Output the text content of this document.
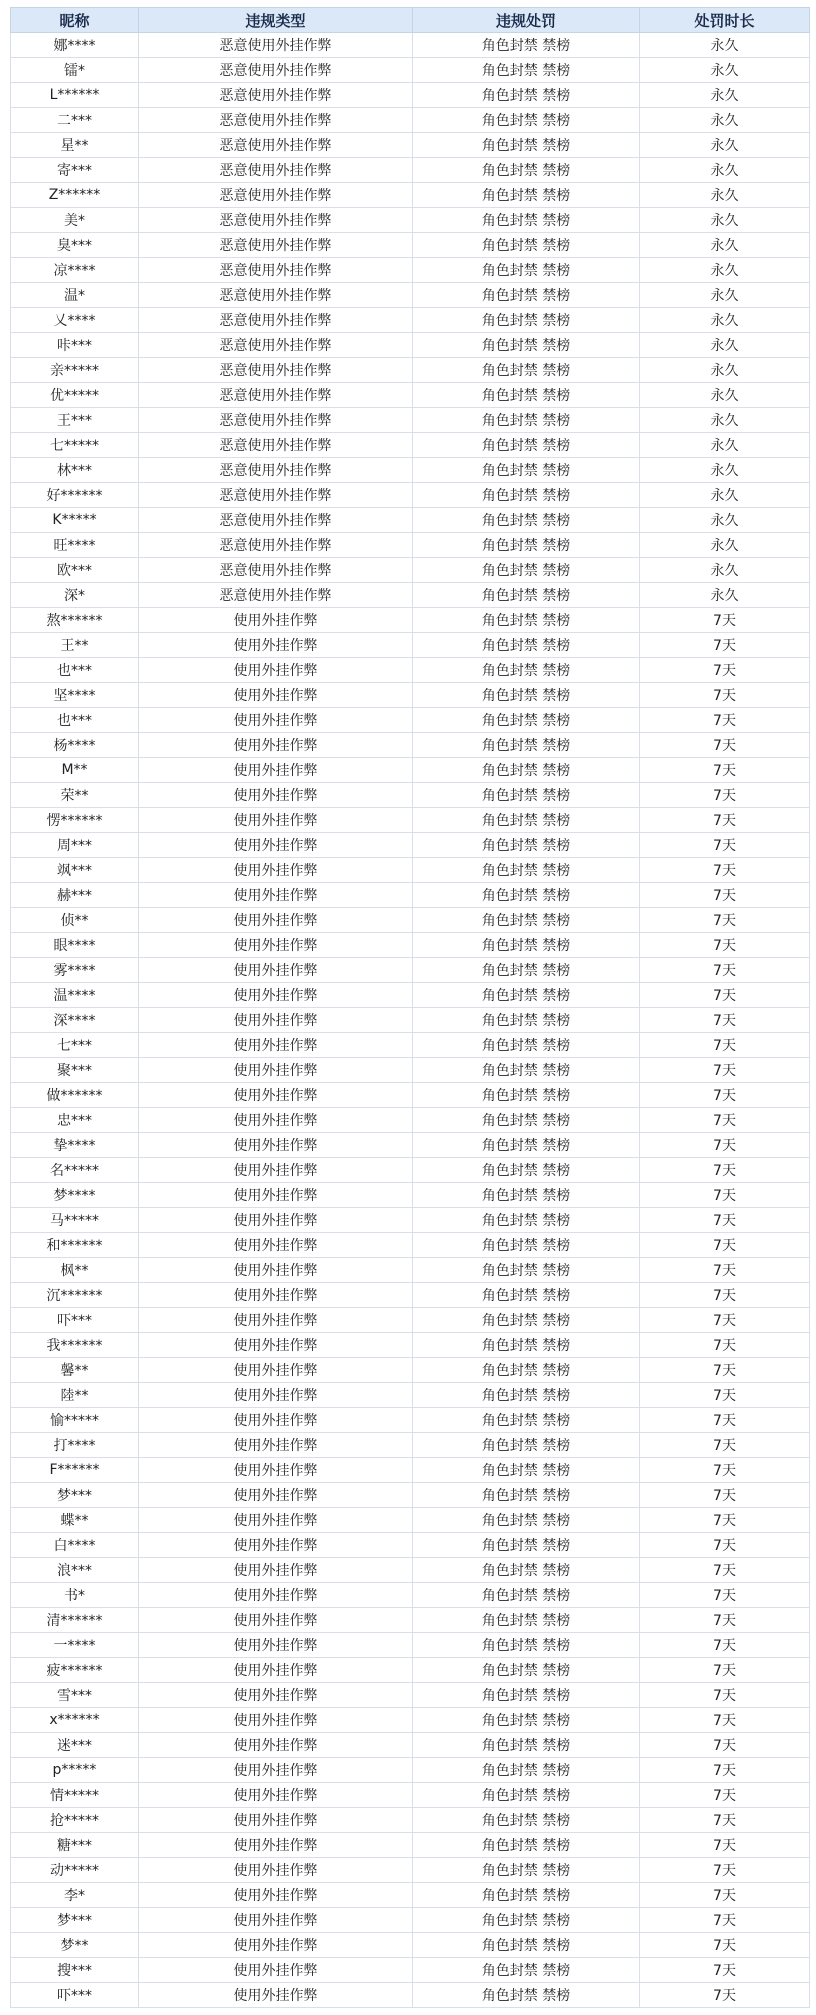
昵称	违规类型	违规处罚	处罚时长
娜****	恶意使用外挂作弊	角色封禁 禁榜	永久
镭*	恶意使用外挂作弊	角色封禁 禁榜	永久
L******	恶意使用外挂作弊	角色封禁 禁榜	永久
二***	恶意使用外挂作弊	角色封禁 禁榜	永久
星**	恶意使用外挂作弊	角色封禁 禁榜	永久
寄***	恶意使用外挂作弊	角色封禁 禁榜	永久
Z******	恶意使用外挂作弊	角色封禁 禁榜	永久
美*	恶意使用外挂作弊	角色封禁 禁榜	永久
臭***	恶意使用外挂作弊	角色封禁 禁榜	永久
凉****	恶意使用外挂作弊	角色封禁 禁榜	永久
温*	恶意使用外挂作弊	角色封禁 禁榜	永久
乂****	恶意使用外挂作弊	角色封禁 禁榜	永久
咔***	恶意使用外挂作弊	角色封禁 禁榜	永久
亲*****	恶意使用外挂作弊	角色封禁 禁榜	永久
优*****	恶意使用外挂作弊	角色封禁 禁榜	永久
王***	恶意使用外挂作弊	角色封禁 禁榜	永久
七*****	恶意使用外挂作弊	角色封禁 禁榜	永久
林***	恶意使用外挂作弊	角色封禁 禁榜	永久
好******	恶意使用外挂作弊	角色封禁 禁榜	永久
K*****	恶意使用外挂作弊	角色封禁 禁榜	永久
旺****	恶意使用外挂作弊	角色封禁 禁榜	永久
欧***	恶意使用外挂作弊	角色封禁 禁榜	永久
深*	恶意使用外挂作弊	角色封禁 禁榜	永久
熬******	使用外挂作弊	角色封禁 禁榜	7天
王**	使用外挂作弊	角色封禁 禁榜	7天
也***	使用外挂作弊	角色封禁 禁榜	7天
坚****	使用外挂作弊	角色封禁 禁榜	7天
也***	使用外挂作弊	角色封禁 禁榜	7天
杨****	使用外挂作弊	角色封禁 禁榜	7天
M**	使用外挂作弊	角色封禁 禁榜	7天
荣**	使用外挂作弊	角色封禁 禁榜	7天
愣******	使用外挂作弊	角色封禁 禁榜	7天
周***	使用外挂作弊	角色封禁 禁榜	7天
飒***	使用外挂作弊	角色封禁 禁榜	7天
赫***	使用外挂作弊	角色封禁 禁榜	7天
侦**	使用外挂作弊	角色封禁 禁榜	7天
眼****	使用外挂作弊	角色封禁 禁榜	7天
雾****	使用外挂作弊	角色封禁 禁榜	7天
温****	使用外挂作弊	角色封禁 禁榜	7天
深****	使用外挂作弊	角色封禁 禁榜	7天
七***	使用外挂作弊	角色封禁 禁榜	7天
聚***	使用外挂作弊	角色封禁 禁榜	7天
做******	使用外挂作弊	角色封禁 禁榜	7天
忠***	使用外挂作弊	角色封禁 禁榜	7天
挚****	使用外挂作弊	角色封禁 禁榜	7天
名*****	使用外挂作弊	角色封禁 禁榜	7天
梦****	使用外挂作弊	角色封禁 禁榜	7天
马*****	使用外挂作弊	角色封禁 禁榜	7天
和******	使用外挂作弊	角色封禁 禁榜	7天
枫**	使用外挂作弊	角色封禁 禁榜	7天
沉******	使用外挂作弊	角色封禁 禁榜	7天
吓***	使用外挂作弊	角色封禁 禁榜	7天
我******	使用外挂作弊	角色封禁 禁榜	7天
馨**	使用外挂作弊	角色封禁 禁榜	7天
陸**	使用外挂作弊	角色封禁 禁榜	7天
愉*****	使用外挂作弊	角色封禁 禁榜	7天
打****	使用外挂作弊	角色封禁 禁榜	7天
F******	使用外挂作弊	角色封禁 禁榜	7天
梦***	使用外挂作弊	角色封禁 禁榜	7天
蝶**	使用外挂作弊	角色封禁 禁榜	7天
白****	使用外挂作弊	角色封禁 禁榜	7天
浪***	使用外挂作弊	角色封禁 禁榜	7天
书*	使用外挂作弊	角色封禁 禁榜	7天
清******	使用外挂作弊	角色封禁 禁榜	7天
一****	使用外挂作弊	角色封禁 禁榜	7天
疲******	使用外挂作弊	角色封禁 禁榜	7天
雪***	使用外挂作弊	角色封禁 禁榜	7天
x******	使用外挂作弊	角色封禁 禁榜	7天
迷***	使用外挂作弊	角色封禁 禁榜	7天
p*****	使用外挂作弊	角色封禁 禁榜	7天
情*****	使用外挂作弊	角色封禁 禁榜	7天
抢*****	使用外挂作弊	角色封禁 禁榜	7天
糖***	使用外挂作弊	角色封禁 禁榜	7天
动*****	使用外挂作弊	角色封禁 禁榜	7天
李*	使用外挂作弊	角色封禁 禁榜	7天
梦***	使用外挂作弊	角色封禁 禁榜	7天
梦**	使用外挂作弊	角色封禁 禁榜	7天
搜***	使用外挂作弊	角色封禁 禁榜	7天
吓***	使用外挂作弊	角色封禁 禁榜	7天
